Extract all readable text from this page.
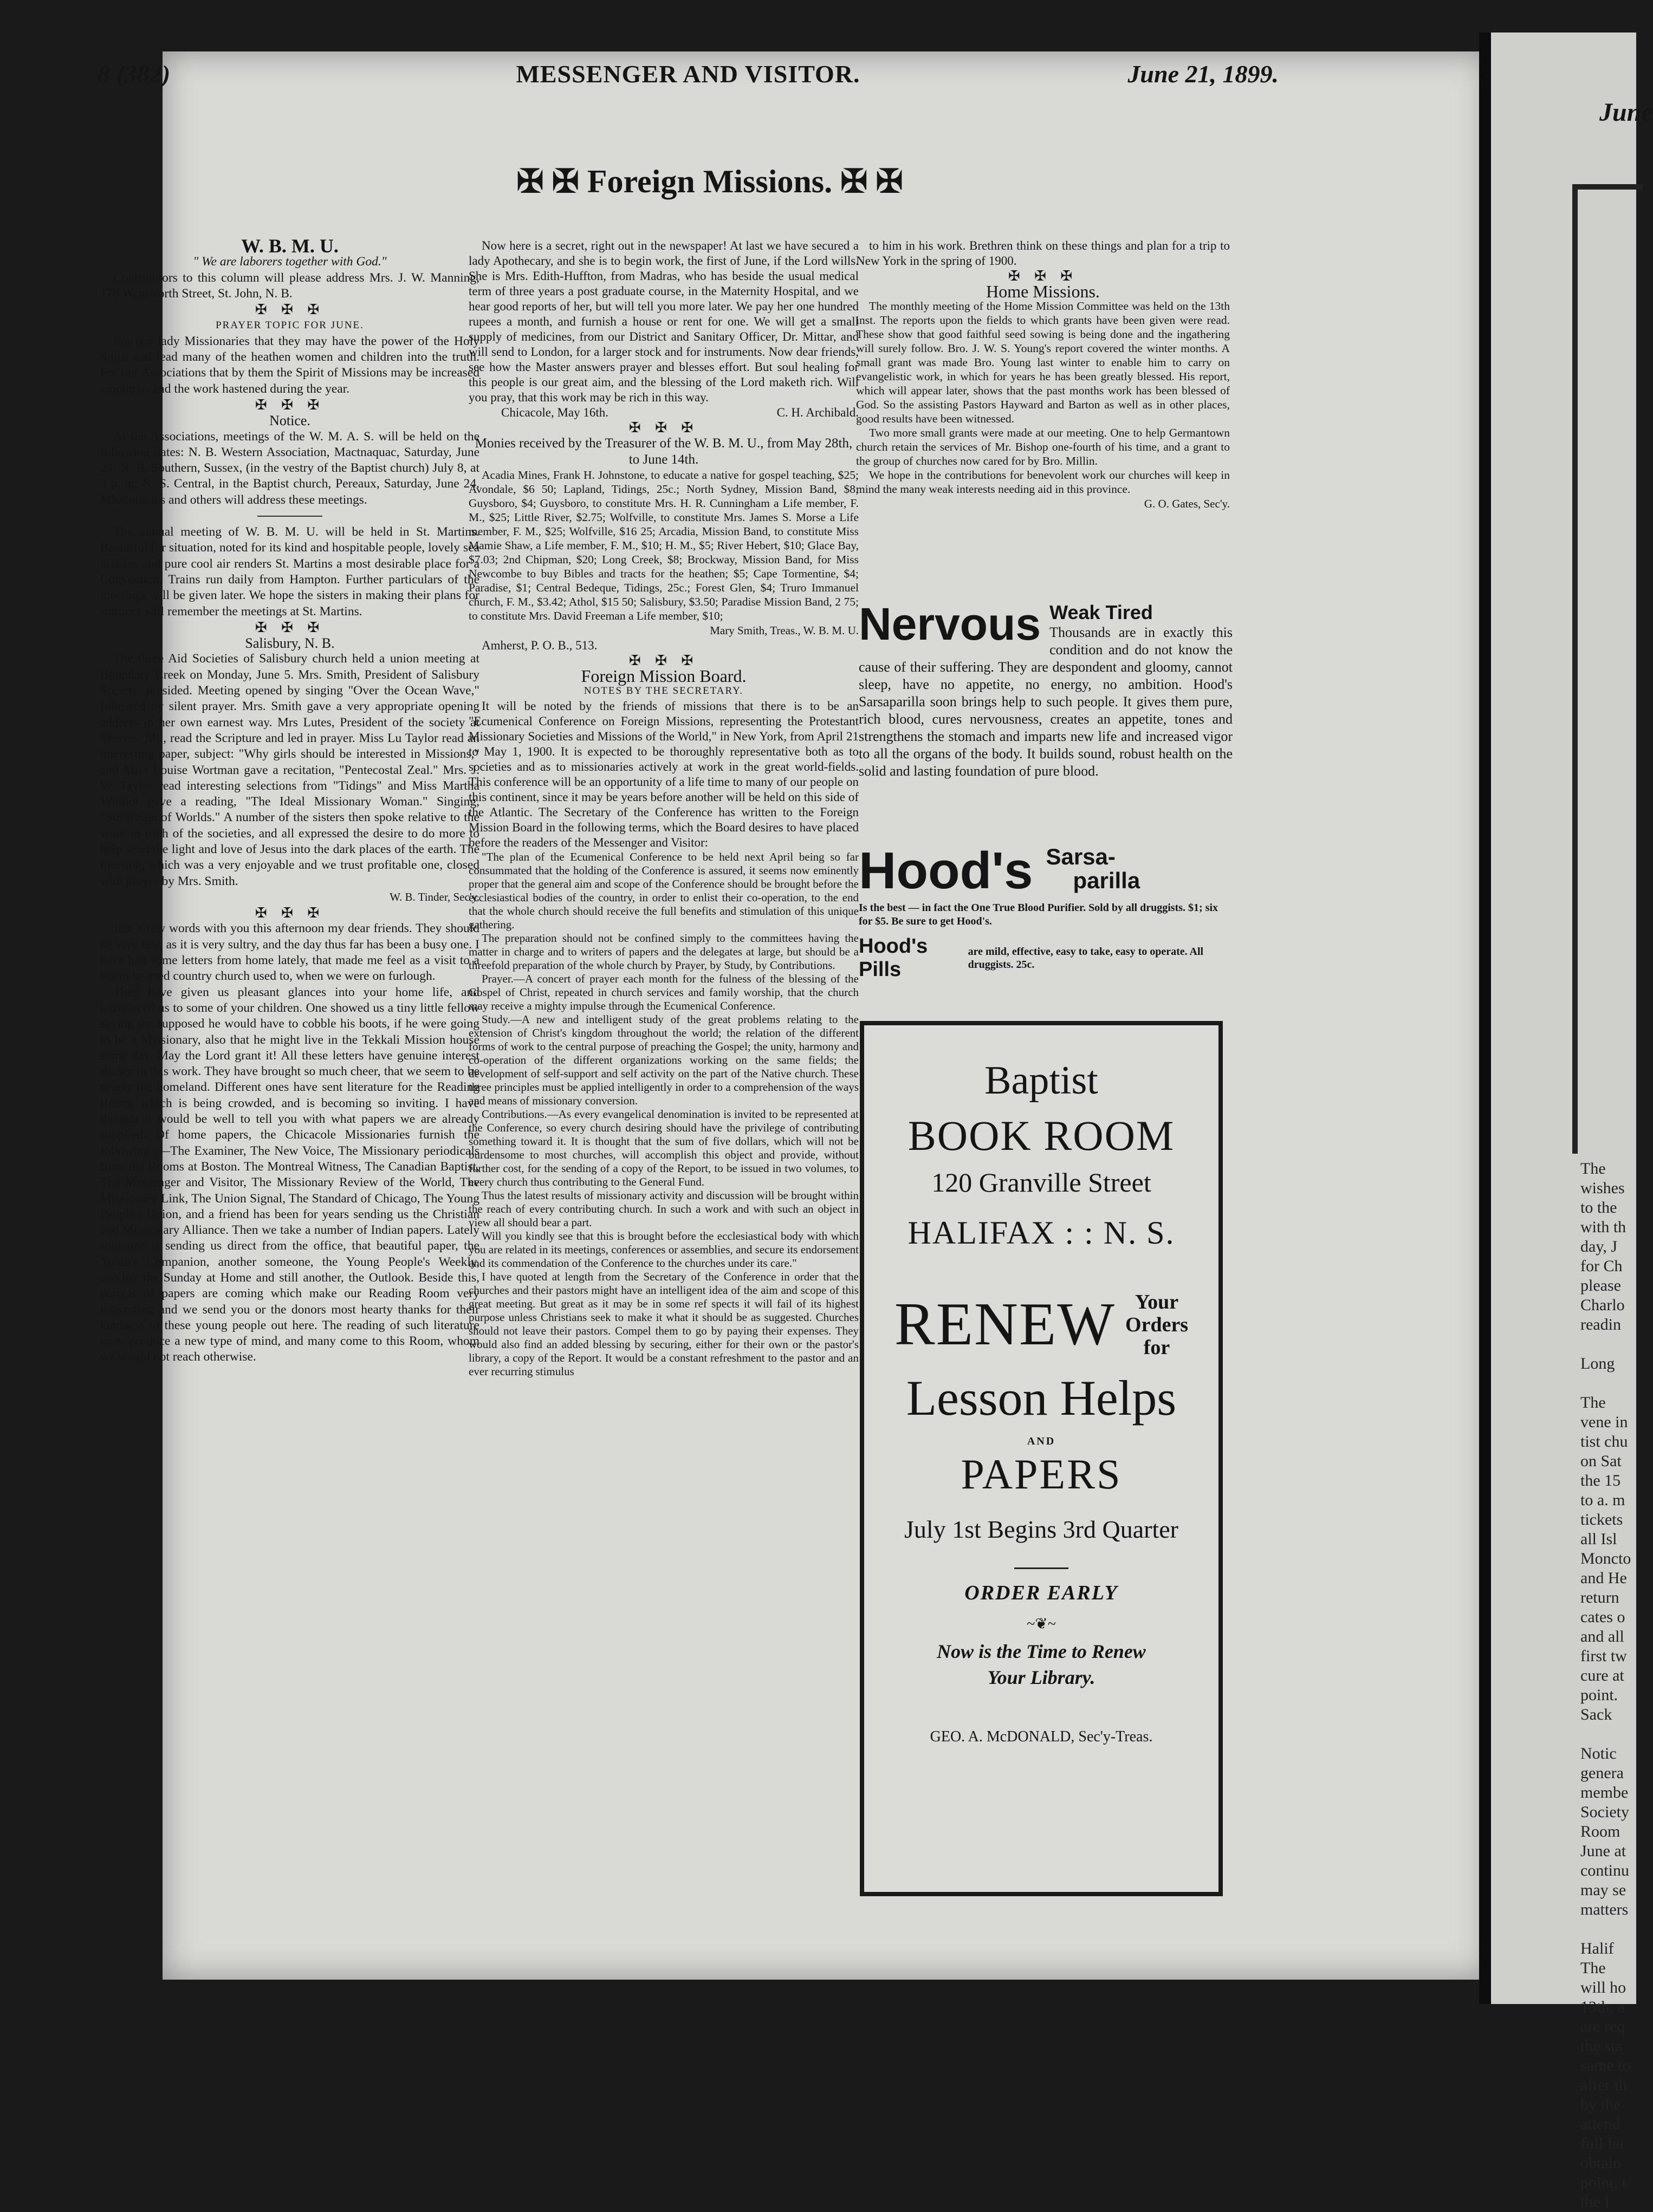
June
The
wishes
to the
with th
day, J
for Ch
please
Charlo
readin

Long

The
vene in
tist chu
on Sat
the 15
to a. m
tickets
all Isl
Moncto
and He
return
cates o
and all
first tw
cure at
point.
Sack

Notic
genera
membe
Society
Room
June at
continu
may se
matters

Halif
The
will ho
13th, a
are req
the sta
same to
after th
by the
attend
full far
obtain
point, t
the I
8 (382)	MESSENGER AND VISITOR.	June 21, 1899.
✠ ✠ Foreign Missions. ✠ ✠

W. B. M. U.

" We are laborers together with God."

Contributors to this column will please address Mrs. J. W. Manning, 178 Wentworth Street, St. John, N. B.

✠ ✠ ✠

PRAYER TOPIC FOR JUNE.

For our lady Missionaries that they may have the power of the Holy Spirit and lead many of the heathen women and children into the truth. For our Associations that by them the Spirit of Missions may be increased among us and the work hastened during the year.

✠ ✠ ✠

Notice.

At the Associations, meetings of the W. M. A. S. will be held on the following dates: N. B. Western Association, Mactnaquac, Saturday, June 24; N. B. Southern, Sussex, (in the vestry of the Baptist church) July 8, at 3 p. m; N. S. Central, in the Baptist church, Pereaux, Saturday, June 24. Missionaries and others will address these meetings.

The annual meeting of W. B. M. U. will be held in St. Martins. Beautiful for situation, noted for its kind and hospitable people, lovely sea breezes and pure cool air renders St. Martins a most desirable place for a Convention. Trains run daily from Hampton. Further particulars of the meetings will be given later. We hope the sisters in making their plans for summer will remember the meetings at St. Martins.

✠ ✠ ✠

Salisbury, N. B.

The three Aid Societies of Salisbury church held a union meeting at Boundary Creek on Monday, June 5. Mrs. Smith, President of Salisbury Society, presided. Meeting opened by singing "Over the Ocean Wave," followed by silent prayer. Mrs. Smith gave a very appropriate opening address in her own earnest way. Mrs Lutes, President of the society at Steeves' Mt., read the Scripture and led in prayer. Miss Lu Taylor read an interesting paper, subject: "Why girls should be interested in Missions," and Miss Louise Wortman gave a recitation, "Pentecostal Zeal." Mrs. J. W. Taylor read interesting selections from "Tidings" and Miss Martha Wilmot gave a reading, "The Ideal Missionary Woman." Singing, "Sovereign of Worlds." A number of the sisters then spoke relative to the work in each of the societies, and all expressed the desire to do more to help send the light and love of Jesus into the dark places of the earth. The meeting, which was a very enjoyable and we trust profitable one, closed with prayer by Mrs. Smith.

W. B. Tinder, Sec'y.

✠ ✠ ✠

Just a few words with you this afternoon my dear friends. They should be very few, as it is very sultry, and the day thus far has been a busy one. I have had some letters from home lately, that made me feel as a visit to a warm hearted country church used to, when we were on furlough.

They have given us pleasant glances into your home life, and introduced us to some of your children. One showed us a tiny little fellow saying the supposed he would have to cobble his boots, if he were going to be a Missionary, also that he might live in the Tekkali Mission house some day. May the Lord grant it! All these letters have genuine interest shown in this work. They have brought so much cheer, that we seem to be nearer the homeland. Different ones have sent literature for the Reading Room, which is being crowded, and is becoming so inviting. I have thought it would be well to tell you with what papers we are already supplied. Of home papers, the Chicacole Missionaries furnish the following :—The Examiner, The New Voice, The Missionary periodicals from the Rooms at Boston. The Montreal Witness, The Canadian Baptist, The Messenger and Visitor, The Missionary Review of the World, The Missionary Link, The Union Signal, The Standard of Chicago, The Young People's Union, and a friend has been for years sending us the Christian and Missionary Alliance. Then we take a number of Indian papers. Lately someone is sending us direct from the office, that beautiful paper, the Youth's Companion, another someone, the Young People's Weekly, another the Sunday at Home and still another, the Outlook. Beside this, parcels of papers are coming which make our Reading Room very interesting and we send you or the donors most hearty thanks for their kindness to these young people out here. The reading of such literature must produce a new type of mind, and many come to this Room, whom we would not reach otherwise.

Now here is a secret, right out in the newspaper! At last we have secured a lady Apothecary, and she is to begin work, the first of June, if the Lord wills. She is Mrs. Edith-Huffton, from Madras, who has beside the usual medical term of three years a post graduate course, in the Maternity Hospital, and we hear good reports of her, but will tell you more later. We pay her one hundred rupees a month, and furnish a house or rent for one. We will get a small supply of medicines, from our District and Sanitary Officer, Dr. Mittar, and will send to London, for a larger stock and for instruments. Now dear friends, see how the Master answers prayer and blesses effort. But soul healing for this people is our great aim, and the blessing of the Lord maketh rich. Will you pray, that this work may be rich in this way.

Chicacole, May 16th.	C. H. Archibald.

✠ ✠ ✠

Monies received by the Treasurer of the W. B. M. U., from May 28th, to June 14th.

Acadia Mines, Frank H. Johnstone, to educate a native for gospel teaching, $25; Avondale, $6 50; Lapland, Tidings, 25c.; North Sydney, Mission Band, $8; Guysboro, $4; Guysboro, to constitute Mrs. H. R. Cunningham a Life member, F. M., $25; Little River, $2.75; Wolfville, to constitute Mrs. James S. Morse a Life member, F. M., $25; Wolfville, $16 25; Arcadia, Mission Band, to constitute Miss Mamie Shaw, a Life member, F. M., $10; H. M., $5; River Hebert, $10; Glace Bay, $7.03; 2nd Chipman, $20; Long Creek, $8; Brockway, Mission Band, for Miss Newcombe to buy Bibles and tracts for the heathen; $5; Cape Tormentine, $4; Paradise, $1; Central Bedeque, Tidings, 25c.; Forest Glen, $4; Truro Immanuel church, F. M., $3.42; Athol, $15 50; Salisbury, $3.50; Paradise Mission Band, 2 75; to constitute Mrs. David Freeman a Life member, $10;

Mary Smith, Treas., W. B. M. U.

Amherst, P. O. B., 513.

✠ ✠ ✠

Foreign Mission Board.

NOTES BY THE SECRETARY.

It will be noted by the friends of missions that there is to be an "Ecumenical Conference on Foreign Missions, representing the Protestant Missionary Societies and Missions of the World," in New York, from April 21 to May 1, 1900. It is expected to be thoroughly representative both as to societies and as to missionaries actively at work in the great world-fields. This conference will be an opportunity of a life time to many of our people on this continent, since it may be years before another will be held on this side of the Atlantic. The Secretary of the Conference has written to the Foreign Mission Board in the following terms, which the Board desires to have placed before the readers of the Messenger and Visitor:

"The plan of the Ecumenical Conference to be held next April being so far consummated that the holding of the Conference is assured, it seems now eminently proper that the general aim and scope of the Conference should be brought before the ecclesiastical bodies of the country, in order to enlist their co-operation, to the end that the whole church should receive the full benefits and stimulation of this unique gathering.

The preparation should not be confined simply to the committees having the matter in charge and to writers of papers and the delegates at large, but should be a threefold preparation of the whole church by Prayer, by Study, by Contributions.

Prayer.—A concert of prayer each month for the fulness of the blessing of the Gospel of Christ, repeated in church services and family worship, that the church may receive a mighty impulse through the Ecumenical Conference.

Study.—A new and intelligent study of the great problems relating to the extension of Christ's kingdom throughout the world; the relation of the different forms of work to the central purpose of preaching the Gospel; the unity, harmony and co-operation of the different organizations working on the same fields; the development of self-support and self activity on the part of the Native church. These three principles must be applied intelligently in order to a comprehension of the ways and means of missionary conversion.

Contributions.—As every evangelical denomination is invited to be represented at the Conference, so every church desiring should have the privilege of contributing something toward it. It is thought that the sum of five dollars, which will not be burdensome to most churches, will accomplish this object and provide, without further cost, for the sending of a copy of the Report, to be issued in two volumes, to every church thus contributing to the General Fund.

Thus the latest results of missionary activity and discussion will be brought within the reach of every contributing church. In such a work and with such an object in view all should bear a part.

Will you kindly see that this is brought before the ecclesiastical body with which you are related in its meetings, conferences or assemblies, and secure its endorsement and its commendation of the Conference to the churches under its care."

I have quoted at length from the Secretary of the Conference in order that the churches and their pastors might have an intelligent idea of the aim and scope of this great meeting. But great as it may be in some ref spects it will fail of its highest purpose unless Christians seek to make it what it should be as suggested. Churches should not leave their pastors. Compel them to go by paying their expenses. They would also find an added blessing by securing, either for their own or the pastor's library, a copy of the Report. It would be a constant refreshment to the pastor and an ever recurring stimulus

to him in his work. Brethren think on these things and plan for a trip to New York in the spring of 1900.

✠ ✠ ✠

Home Missions.

The monthly meeting of the Home Mission Committee was held on the 13th inst. The reports upon the fields to which grants have been given were read. These show that good faithful seed sowing is being done and the ingathering will surely follow. Bro. J. W. S. Young's report covered the winter months. A small grant was made Bro. Young last winter to enable him to carry on evangelistic work, in which for years he has been greatly blessed. His report, which will appear later, shows that the past months work has been blessed of God. So the assisting Pastors Hayward and Barton as well as in other places, good results have been witnessed.

Two more small grants were made at our meeting. One to help Germantown church retain the services of Mr. Bishop one-fourth of his time, and a grant to the group of churches now cared for by Bro. Millin.

We hope in the contributions for benevolent work our churches will keep in mind the many weak interests needing aid in this province.

G. O. Gates, Sec'y.

Nervous Weak Tired
Thousands are in exactly this condition and do not know the cause of their suffering. They are despondent and gloomy, cannot sleep, have no appetite, no energy, no ambition. Hood's Sarsaparilla soon brings help to such people. It gives them pure, rich blood, cures nervousness, creates an appetite, tones and strengthens the stomach and imparts new life and increased vigor to all the organs of the body. It builds sound, robust health on the solid and lasting foundation of pure blood.
Hood's Sarsa-
parilla
Is the best — in fact the One True Blood Purifier. Sold by all druggists. $1; six for $5. Be sure to get Hood's.
Hood's Pills
are mild, effective, easy to take, easy to operate. All druggists. 25c.
Baptist
BOOK ROOM
120 Granville Street
HALIFAX : : N. S.
RENEW Your
Orders
for
Lesson Helps
AND
PAPERS
July 1st Begins 3rd Quarter
ORDER EARLY
~❦~
Now is the Time to Renew
Your Library.
GEO. A. McDONALD, Sec'y-Treas.
